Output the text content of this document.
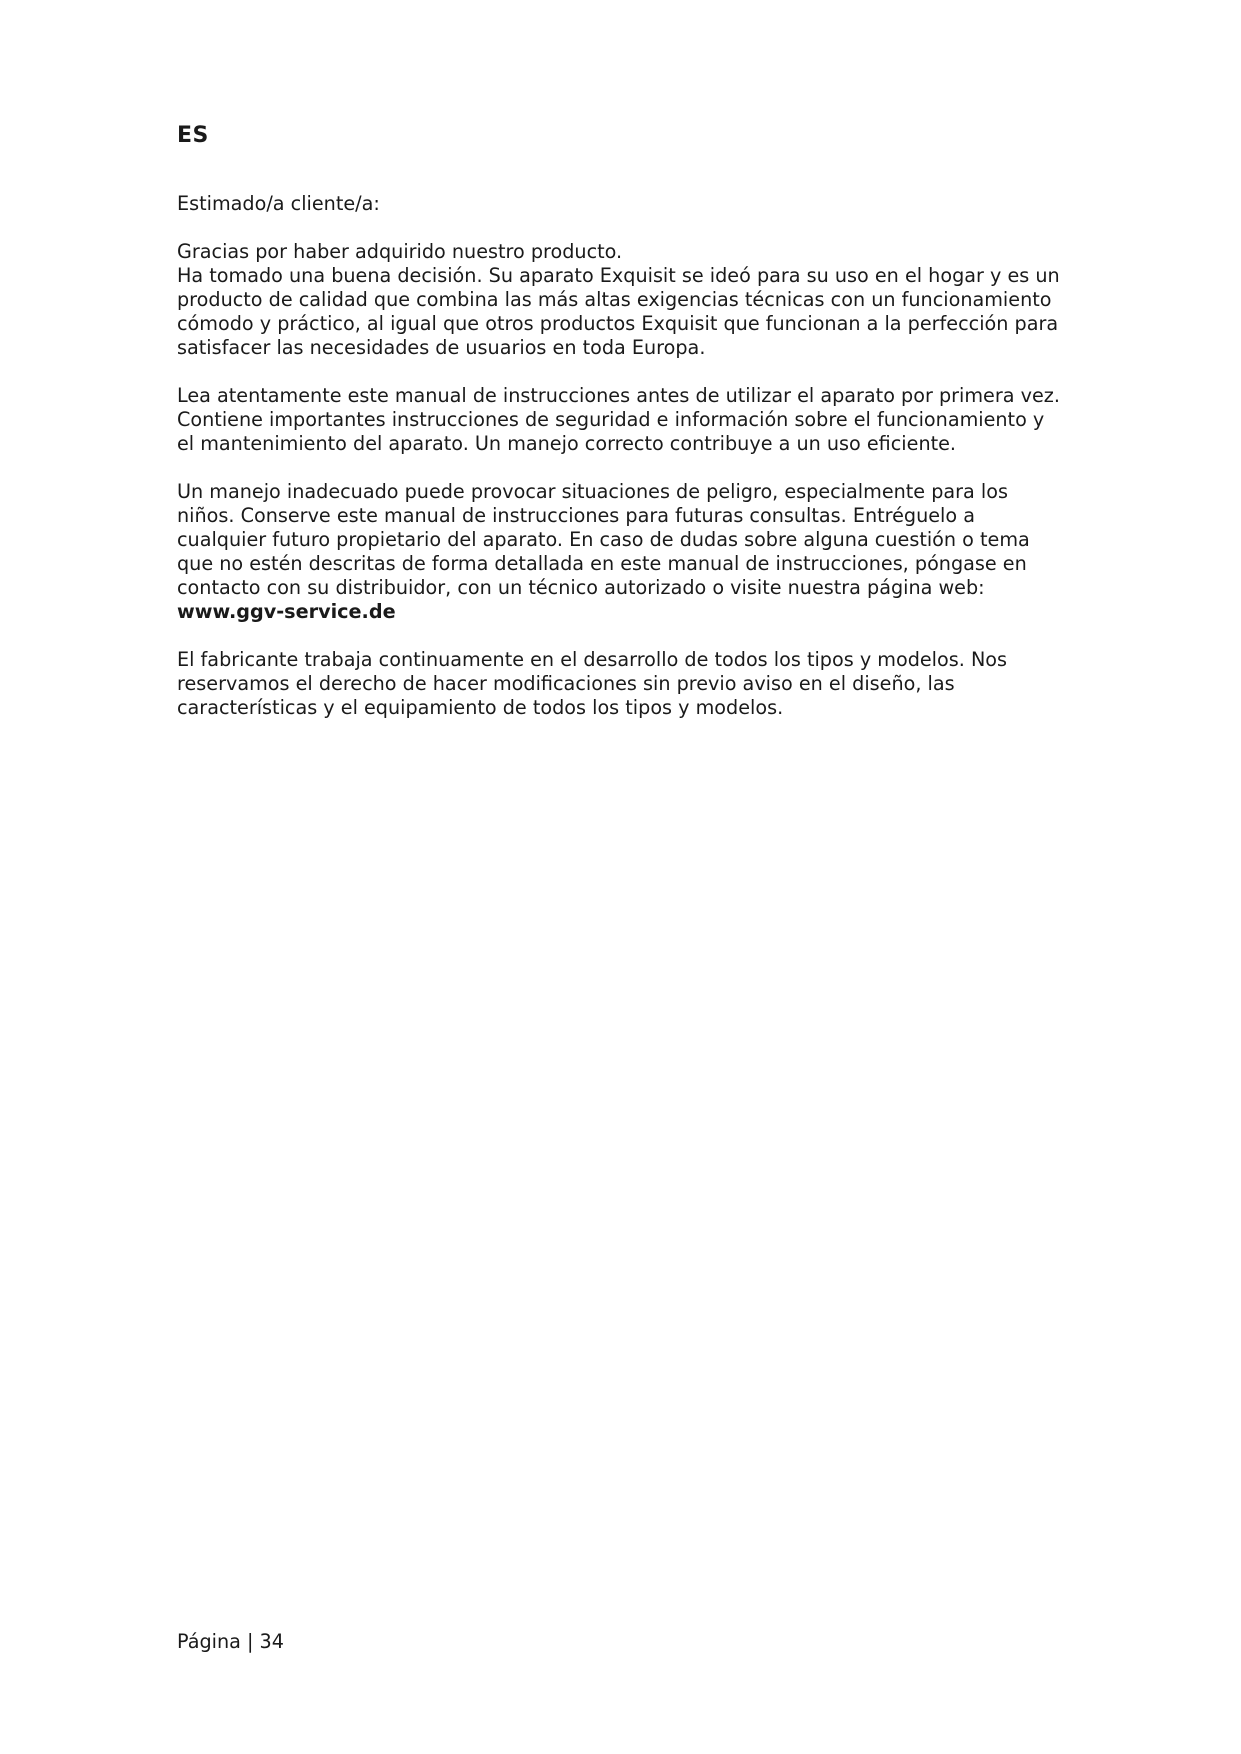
ES

Estimado/a cliente/a:

Gracias por haber adquirido nuestro producto.

Ha tomado una buena decisión. Su aparato Exquisit se ideó para su uso en el hogar y es un producto de calidad que combina las más altas exigencias técnicas con un funcionamiento cómodo y práctico, al igual que otros productos Exquisit que funcionan a la perfección para satisfacer las necesidades de usuarios en toda Europa.

Lea atentamente este manual de instrucciones antes de utilizar el aparato por primera vez. Contiene importantes instrucciones de seguridad e información sobre el funcionamiento y el mantenimiento del aparato. Un manejo correcto contribuye a un uso eficiente.

Un manejo inadecuado puede provocar situaciones de peligro, especialmente para los niños. Conserve este manual de instrucciones para futuras consultas. Entréguelo a cualquier futuro propietario del aparato. En caso de dudas sobre alguna cuestión o tema que no estén descritas de forma detallada en este manual de instrucciones, póngase en contacto con su distribuidor, con un técnico autorizado o visite nuestra página web:

www.ggv-service.de

El fabricante trabaja continuamente en el desarrollo de todos los tipos y modelos. Nos reservamos el derecho de hacer modificaciones sin previo aviso en el diseño, las características y el equipamiento de todos los tipos y modelos.

Página | 34
